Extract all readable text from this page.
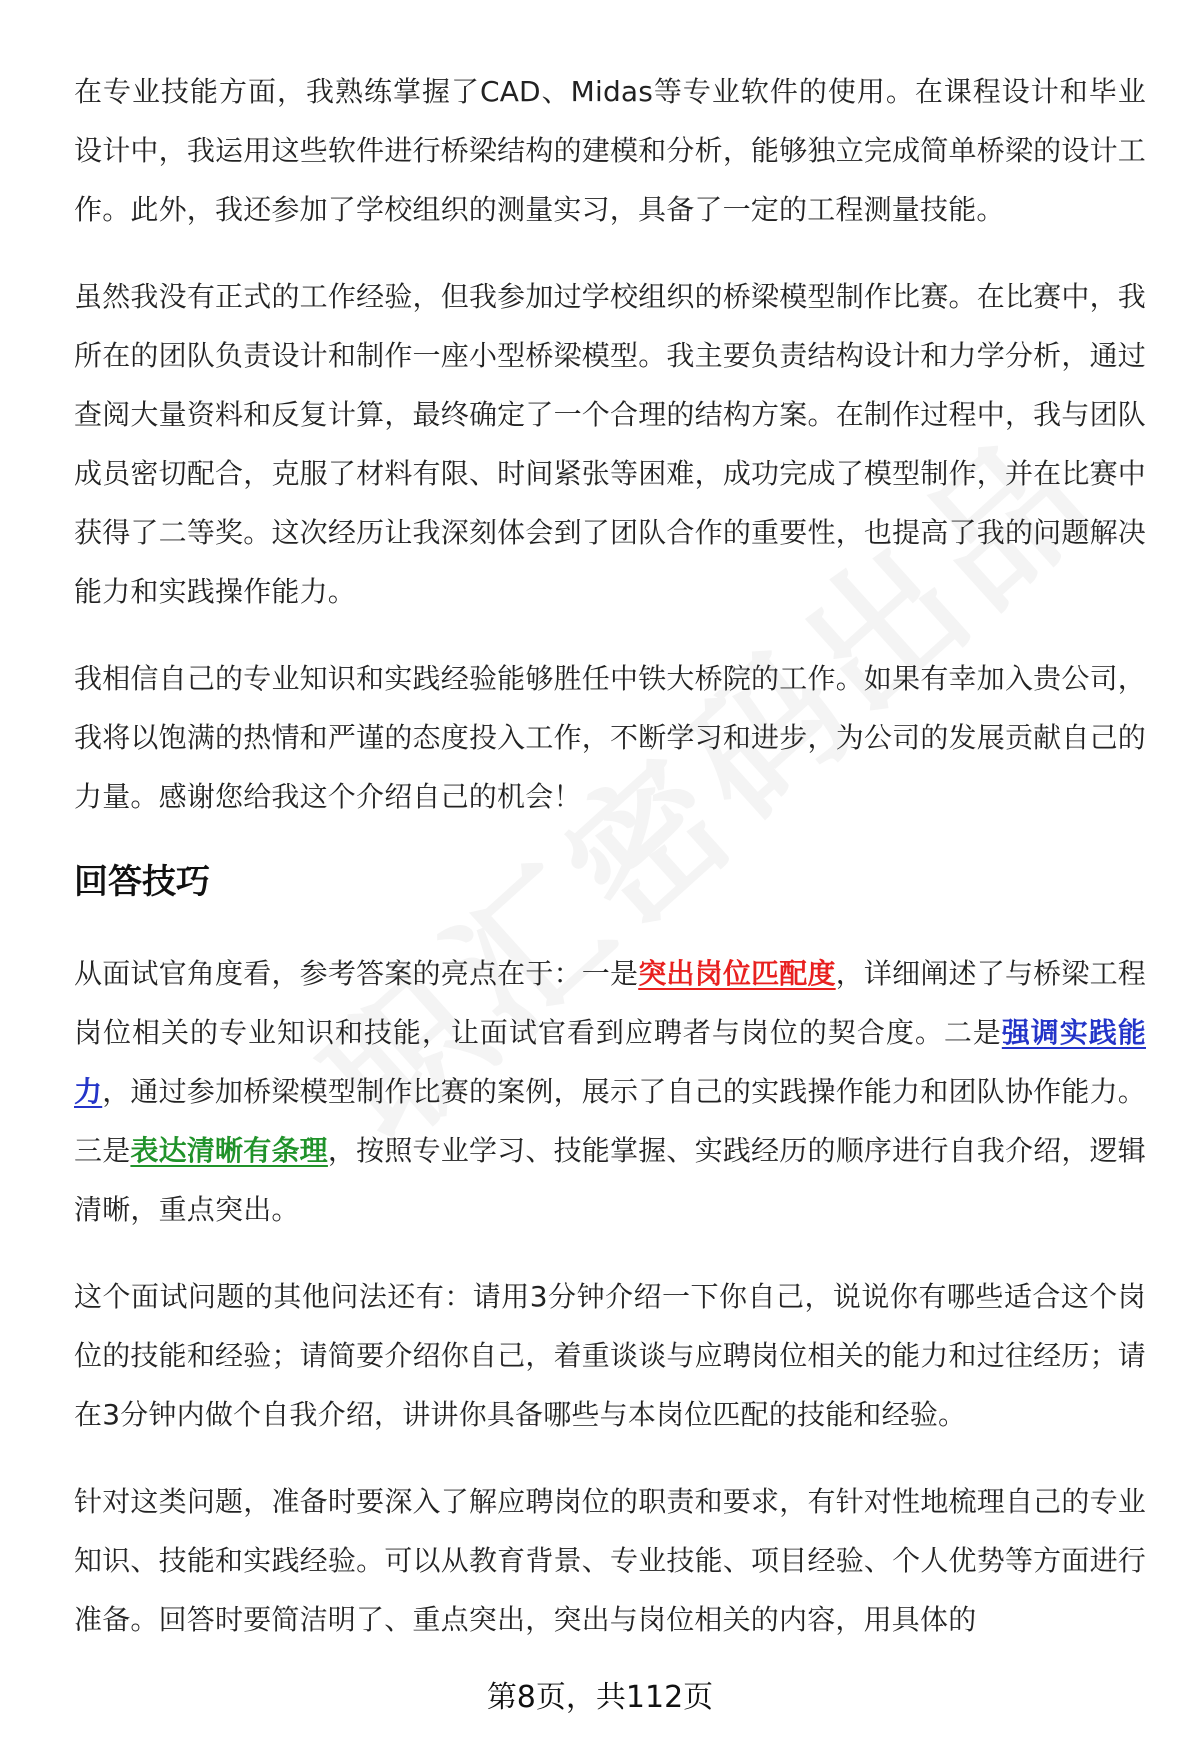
在专业技能方面，我熟练掌握了CAD、Midas等专业软件的使用。在课程设计和毕业设计中，我运用这些软件进行桥梁结构的建模和分析，能够独立完成简单桥梁的设计工作。此外，我还参加了学校组织的测量实习，具备了一定的工程测量技能。

虽然我没有正式的工作经验，但我参加过学校组织的桥梁模型制作比赛。在比赛中，我所在的团队负责设计和制作一座小型桥梁模型。我主要负责结构设计和力学分析，通过查阅大量资料和反复计算，最终确定了一个合理的结构方案。在制作过程中，我与团队成员密切配合，克服了材料有限、时间紧张等困难，成功完成了模型制作，并在比赛中获得了二等奖。这次经历让我深刻体会到了团队合作的重要性，也提高了我的问题解决能力和实践操作能力。

我相信自己的专业知识和实践经验能够胜任中铁大桥院的工作。如果有幸加入贵公司，我将以饱满的热情和严谨的态度投入工作，不断学习和进步，为公司的发展贡献自己的力量。感谢您给我这个介绍自己的机会！

回答技巧

从面试官角度看，参考答案的亮点在于：一是突出岗位匹配度，详细阐述了与桥梁工程岗位相关的专业知识和技能，让面试官看到应聘者与岗位的契合度。二是强调实践能力，通过参加桥梁模型制作比赛的案例，展示了自己的实践操作能力和团队协作能力。三是表达清晰有条理，按照专业学习、技能掌握、实践经历的顺序进行自我介绍，逻辑清晰，重点突出。

这个面试问题的其他问法还有：请用3分钟介绍一下你自己，说说你有哪些适合这个岗位的技能和经验；请简要介绍你自己，着重谈谈与应聘岗位相关的能力和过往经历；请在3分钟内做个自我介绍，讲讲你具备哪些与本岗位匹配的技能和经验。

针对这类问题，准备时要深入了解应聘岗位的职责和要求，有针对性地梳理自己的专业知识、技能和实践经验。可以从教育背景、专业技能、项目经验、个人优势等方面进行准备。回答时要简洁明了、重点突出，突出与岗位相关的内容，用具体的

第8页，共112页
